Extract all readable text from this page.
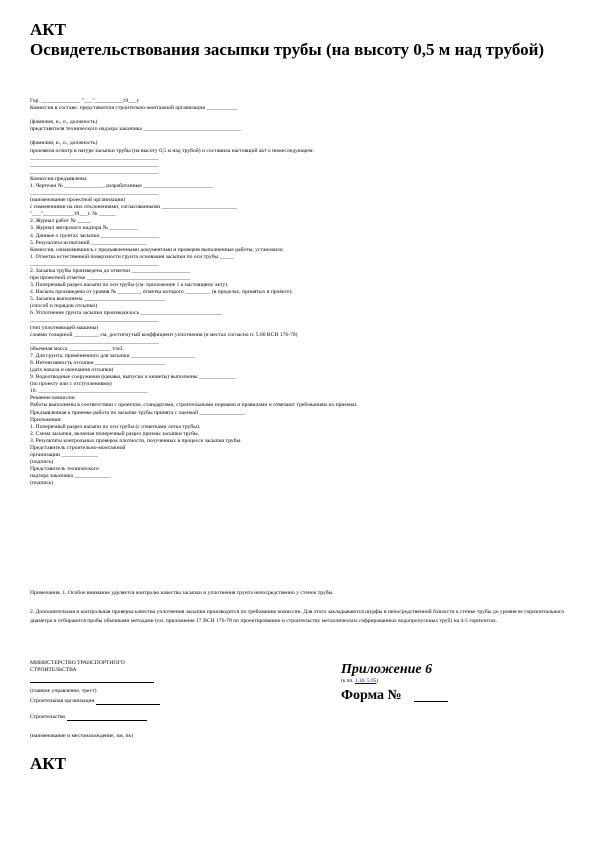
АКТ
Освидетельствования засыпки трубы (на высоту 0,5 м над трубой)
Гор. ______________ "___"__________19___г.
Комиссия в составе: представителя строительно-монтажной организации ___________
(фамилия, и., о., должность)
представителя технического надзора заказчика ___________________________________
(фамилия, и., о., должность)
произвела осмотр в натуре засыпки трубы (на высоту 0,5 м над трубой) и составила настоящий акт о нижеследующем:
______________________________________________
______________________________________________
______________________________________________
Комиссии предъявлены:
1. Чертежи № ______________, разработанные _________________________
______________________________________________
(наименование проектной организации)
с изменениями на них отклонениями, согласованными ___________________________
"___"___________19___г. № ______
2. Журнал работ № _____
3. Журнал авторского надзора № __________
4. Данные о грунтах засыпки _____________________
5. Результаты испытаний ____________________
Комиссия, ознакомившись с предъявленными документами и проверив выполненные работы, установила:
1. Отметка естественной поверхности грунта основания засыпки по оси трубы _____
______________________________________________
2. Засыпка трубы произведена до отметки _____________________
при проектной отметке _____________________________________
3. Поперечный разрез насыпи по оси трубы (см. приложение 1 к настоящему акту).
4. Насыпь произведена от уровня № ________, отметка которого _________ (в пределах, принятых в проекте).
5. Засыпка выполнена _____________________________
(способ и порядок отсыпки)
6. Уплотнение грунта засыпки производилось _____________________________
______________________________________________
(тип уплотняющей машины)
слоями толщиной _________ см, достигнутый коэффициент уплотнения (в местах согласно п. 5.60 ВСН 176-78)
______________________________________________
объемная масса _______________ т/м3.
7. Для грунта, примененного для засыпки _______________________
8. Интенсивность отсыпки _________________________
(дата начала и окончания отсыпки)
9. Водоотводные сооружения (канавы, выпуски и кюветы) выполнены _____________
(по проекту или с отступлениями)
10. _______________________________________
Решение комиссии
Работы выполнены в соответствии с проектом, стандартами, строительными нормами и правилами и отвечают требованиям их приемки.
Предъявленная к приемке работа по засыпке трубы принята с оценкой ________________.
Приложения:
1. Поперечный разрез насыпи по оси трубы (с отметками лотка трубы).
2. Схема засыпки, включая поперечный разрез призмы засыпки трубы.
3. Результаты контрольных проверок плотности, полученных в процессе засыпки трубы.
Представитель строительно-монтажной
организации _____________
(подпись)
Представитель технического
надзора заказчика _____________
(подпись)
Примечания. 1. Особое внимание уделяется контролю качества засыпки и уплотнения грунта непосредственно у стенок трубы.
2. Дополнительная и контрольная проверка качества уплотнения засыпки производится по требованию комиссии. Для этого закладываются шурфы в непосредственной близости к стенке трубы до уровня ее горизонтального диаметра и отбираются пробы обычными методами (см. приложение 17 ВСН 176-78 по проектированию и строительству металлических гофрированных водопропускных труб) на 4-5 горизонтах.
МИНИСТЕРСТВО ТРАНСПОРТНОГО
СТРОИТЕЛЬСТВА
(главное управление, трест)
Строительная организация
Строительство
(наименование и местонахождение, км, пк)
Приложение 6
(к пп. 1.16; 5.95)
Форма №
АКТ
